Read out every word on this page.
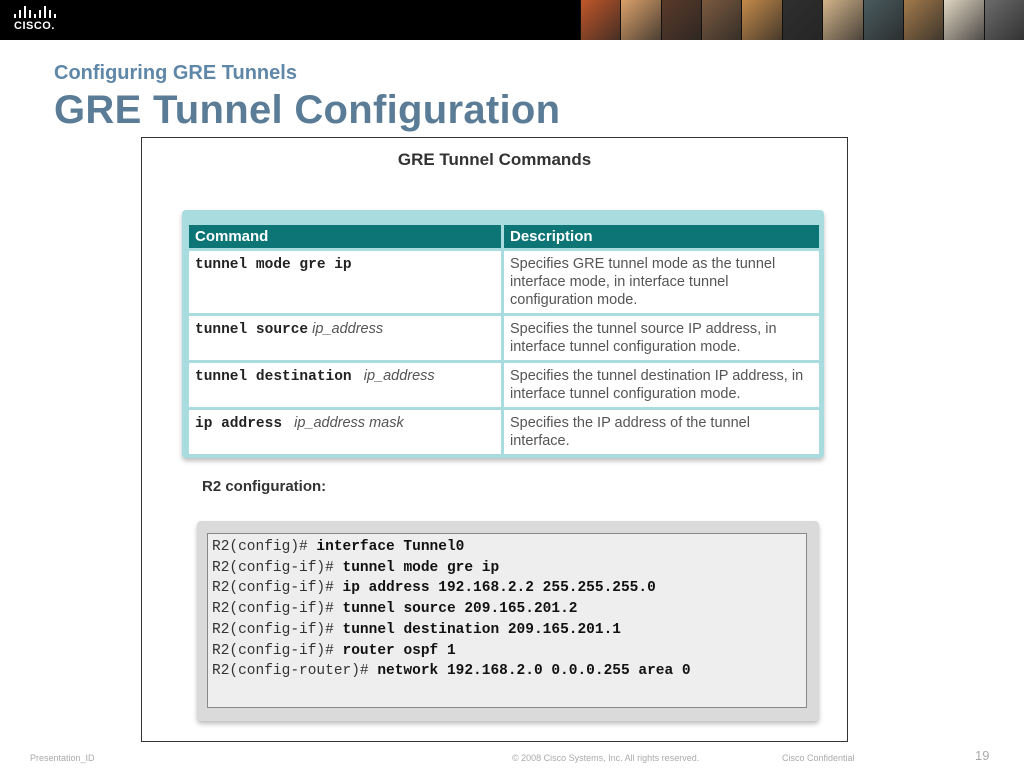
CISCO.
Configuring GRE Tunnels
GRE Tunnel Configuration
GRE Tunnel Commands
Command	Description
tunnel mode gre ip	Specifies GRE tunnel mode as the tunnel interface mode, in interface tunnel configuration mode.
tunnel source ip_address	Specifies the tunnel source IP address, in interface tunnel configuration mode.
tunnel destination ip_address	Specifies the tunnel destination IP address, in interface tunnel configuration mode.
ip address ip_address mask	Specifies the IP address of the tunnel interface.
R2 configuration:
R2(config)# interface Tunnel0
R2(config-if)# tunnel mode gre ip
R2(config-if)# ip address 192.168.2.2 255.255.255.0
R2(config-if)# tunnel source 209.165.201.2
R2(config-if)# tunnel destination 209.165.201.1
R2(config-if)# router ospf 1
R2(config-router)# network 192.168.2.0 0.0.0.255 area 0
Presentation_ID	© 2008 Cisco Systems, Inc. All rights reserved.	Cisco Confidential	19
